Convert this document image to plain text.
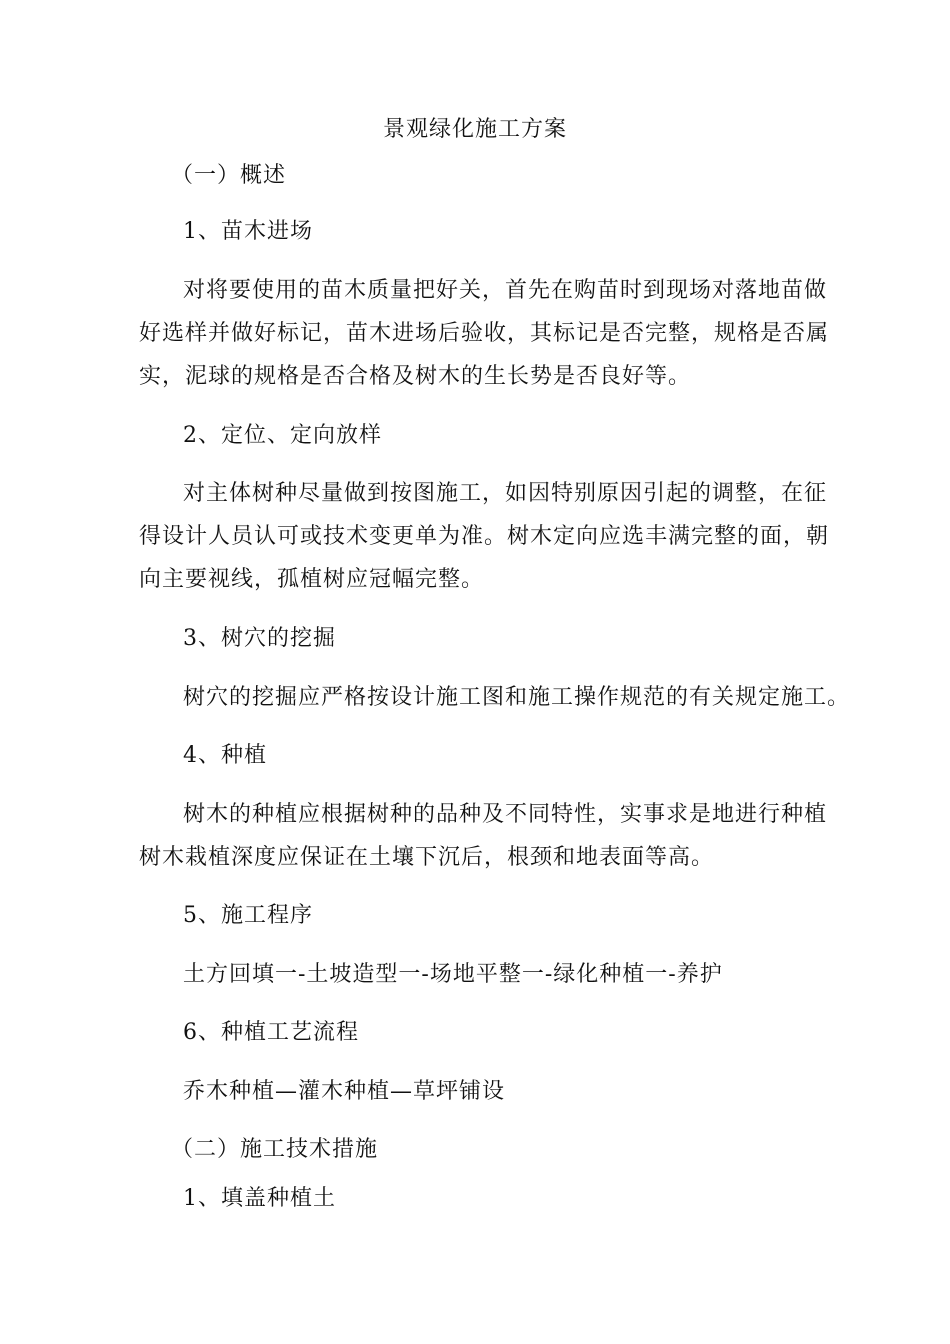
景观绿化施工方案
（一）概述
1、苗木进场
对将要使用的苗木质量把好关，首先在购苗时到现场对落地苗做
好选样并做好标记，苗木进场后验收，其标记是否完整，规格是否属
实，泥球的规格是否合格及树木的生长势是否良好等。
2、定位、定向放样
对主体树种尽量做到按图施工，如因特别原因引起的调整，在征
得设计人员认可或技术变更单为准。树木定向应选丰满完整的面，朝
向主要视线，孤植树应冠幅完整。
3、树穴的挖掘
树穴的挖掘应严格按设计施工图和施工操作规范的有关规定施工。
4、种植
树木的种植应根据树种的品种及不同特性，实事求是地进行种植
树木栽植深度应保证在土壤下沉后，根颈和地表面等高。
5、施工程序
土方回填一-土坡造型一-场地平整一-绿化种植一-养护
6、种植工艺流程
乔木种植—灌木种植—草坪铺设
（二）施工技术措施
1、填盖种植土
